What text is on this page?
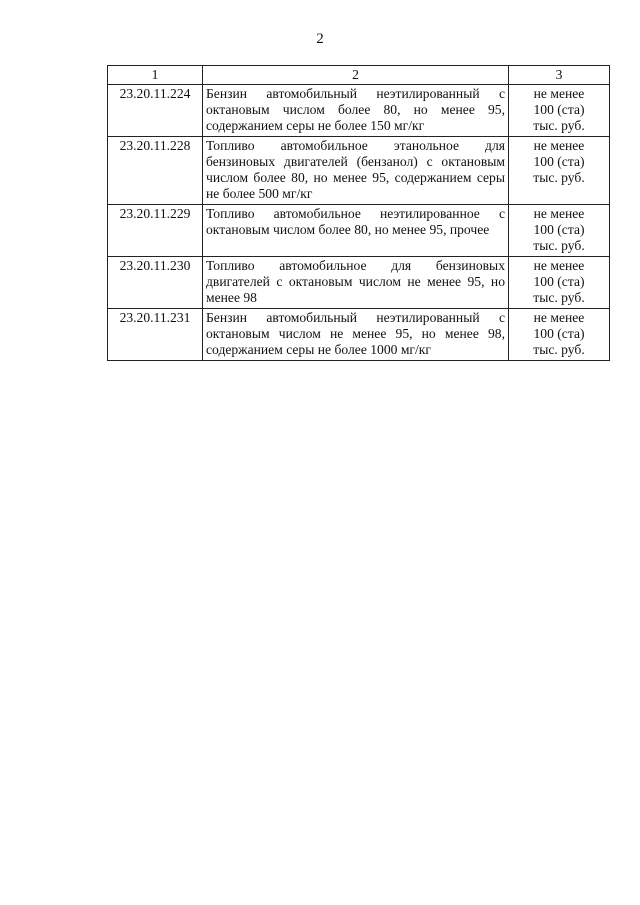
2
1	2	3
23.20.11.224	Бензин автомобильный неэтилированный с октановым числом более 80, но менее 95, содержанием серы не более 150 мг/кг	не менее
100 (ста)
тыс. руб.

23.20.11.228	Топливо автомобильное этанольное для бензиновых двигателей (бензанол) с октановым числом более 80, но менее 95, содержанием серы не более 500 мг/кг	не менее
100 (ста)
тыс. руб.

23.20.11.229	Топливо автомобильное неэтилированное с октановым числом более 80, но менее 95, прочее	не менее
100 (ста)
тыс. руб.

23.20.11.230	Топливо автомобильное для бензиновых двигателей с октановым числом не менее 95, но менее 98	не менее
100 (ста)
тыс. руб.

23.20.11.231	Бензин автомобильный неэтилированный с октановым числом не менее 95, но менее 98, содержанием серы не более 1000 мг/кг	не менее
100 (ста)
тыс. руб.
